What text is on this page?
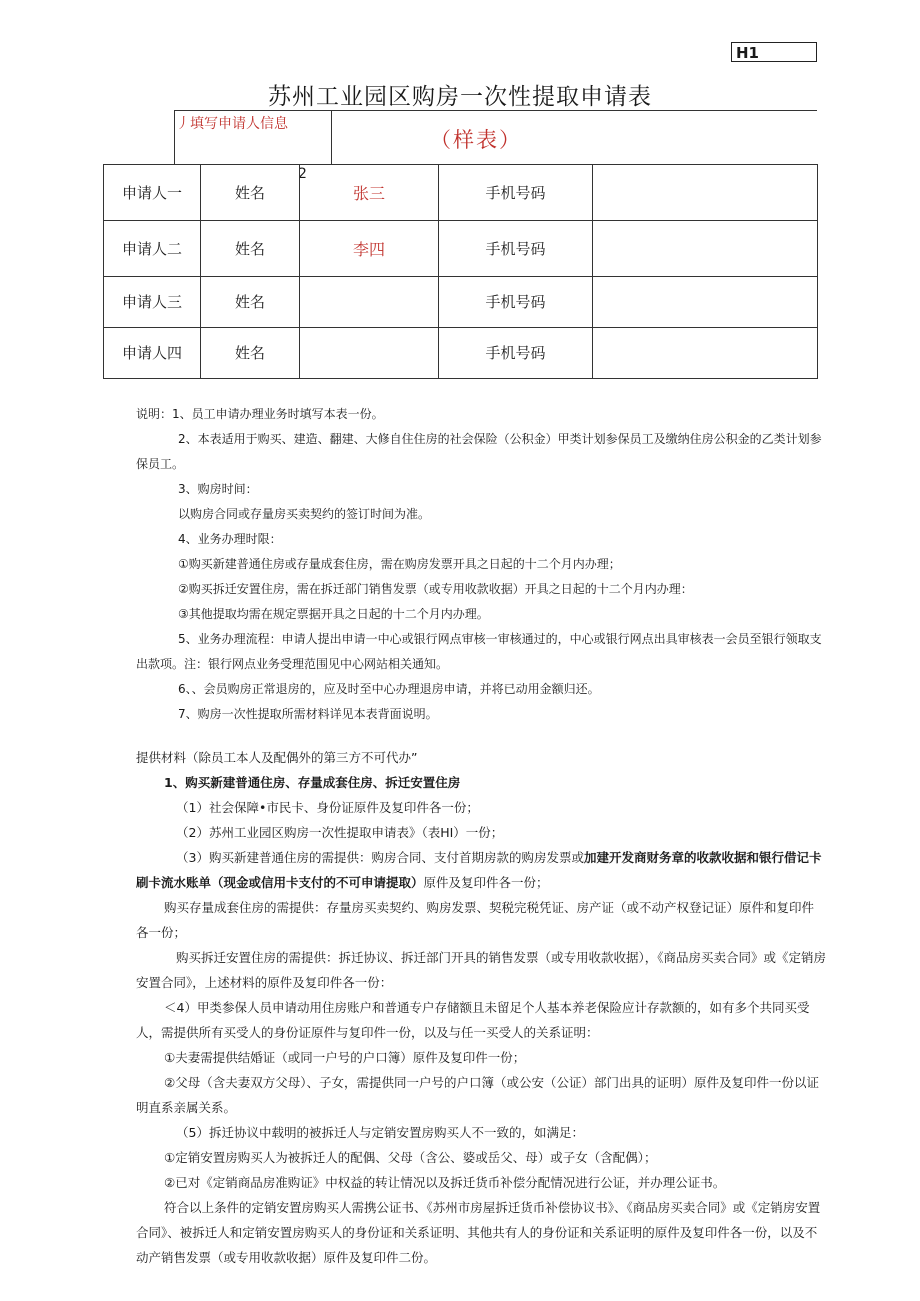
H1
苏州工业园区购房一次性提取申请表
丿填写申请人信息
（样表）
2
申请人一	姓名	张三	手机号码	
申请人二	姓名	李四	手机号码	
申请人三	姓名		手机号码	
申请人四	姓名		手机号码	

说明：1、员工申请办理业务时填写本表一份。

2、本表适用于购买、建造、翻建、大修自住住房的社会保险（公积金）甲类计划参保员工及缴纳住房公积金的乙类计划参保员工。

3、购房时间：

以购房合同或存量房买卖契约的签订时间为准。

4、业务办理时限：

①购买新建普通住房或存量成套住房，需在购房发票开具之日起的十二个月内办理；

②购买拆迁安置住房，需在拆迁部门销售发票（或专用收款收据）开具之日起的十二个月内办理：

③其他提取均需在规定票据开具之日起的十二个月内办理。

5、业务办理流程：申请人提出申请一中心或银行网点审核一审核通过的，中心或银行网点出具审核表一会员至银行领取支出款项。注：银行网点业务受理范围见中心网站相关通知。

6、、会员购房正常退房的，应及时至中心办理退房申请，并将已动用金额归还。

7、购房一次性提取所需材料详见本表背面说明。

提供材料（除员工本人及配偶外的第三方不可代办”

1、购买新建普通住房、存量成套住房、拆迁安置住房

（1）社会保障•市民卡、身份证原件及复印件各一份；

（2）苏州工业园区购房一次性提取申请表》（表HI）一份；

（3）购买新建普通住房的需提供：购房合同、支付首期房款的购房发票或加建开发商财务章的收款收据和银行借记卡刷卡流水账单（现金或信用卡支付的不可申请提取）原件及复印件各一份；

购买存量成套住房的需提供：存量房买卖契约、购房发票、契税完税凭证、房产证（或不动产权登记证）原件和复印件各一份；

购买拆迁安置住房的需提供：拆迁协议、拆迁部门开具的销售发票（或专用收款收据），《商品房买卖合同》或《定销房安置合同》，上述材料的原件及复印件各一份：

＜4）甲类参保人员申请动用住房账户和普通专户存储额且未留足个人基本养老保险应计存款额的，如有多个共同买受人，需提供所有买受人的身份证原件与复印件一份，以及与任一买受人的关系证明：

①夫妻需提供结婚证（或同一户号的户口簿）原件及复印件一份；

②父母（含夫妻双方父母）、子女，需提供同一户号的户口簿（或公安（公证）部门出具的证明）原件及复印件一份以证明直系亲属关系。

（5）拆迁协议中载明的被拆迁人与定销安置房购买人不一致的，如满足：

①定销安置房购买人为被拆迁人的配偶、父母（含公、婆或岳父、母）或子女（含配偶）；

②已对《定销商品房准购证》中权益的转让情况以及拆迁货币补偿分配情况进行公证，并办理公证书。

符合以上条件的定销安置房购买人需携公证书、《苏州市房屋拆迁货币补偿协议书》、《商品房买卖合同》或《定销房安置合同》、被拆迁人和定销安置房购买人的身份证和关系证明、其他共有人的身份证和关系证明的原件及复印件各一份，以及不动产销售发票（或专用收款收据）原件及复印件二份。
